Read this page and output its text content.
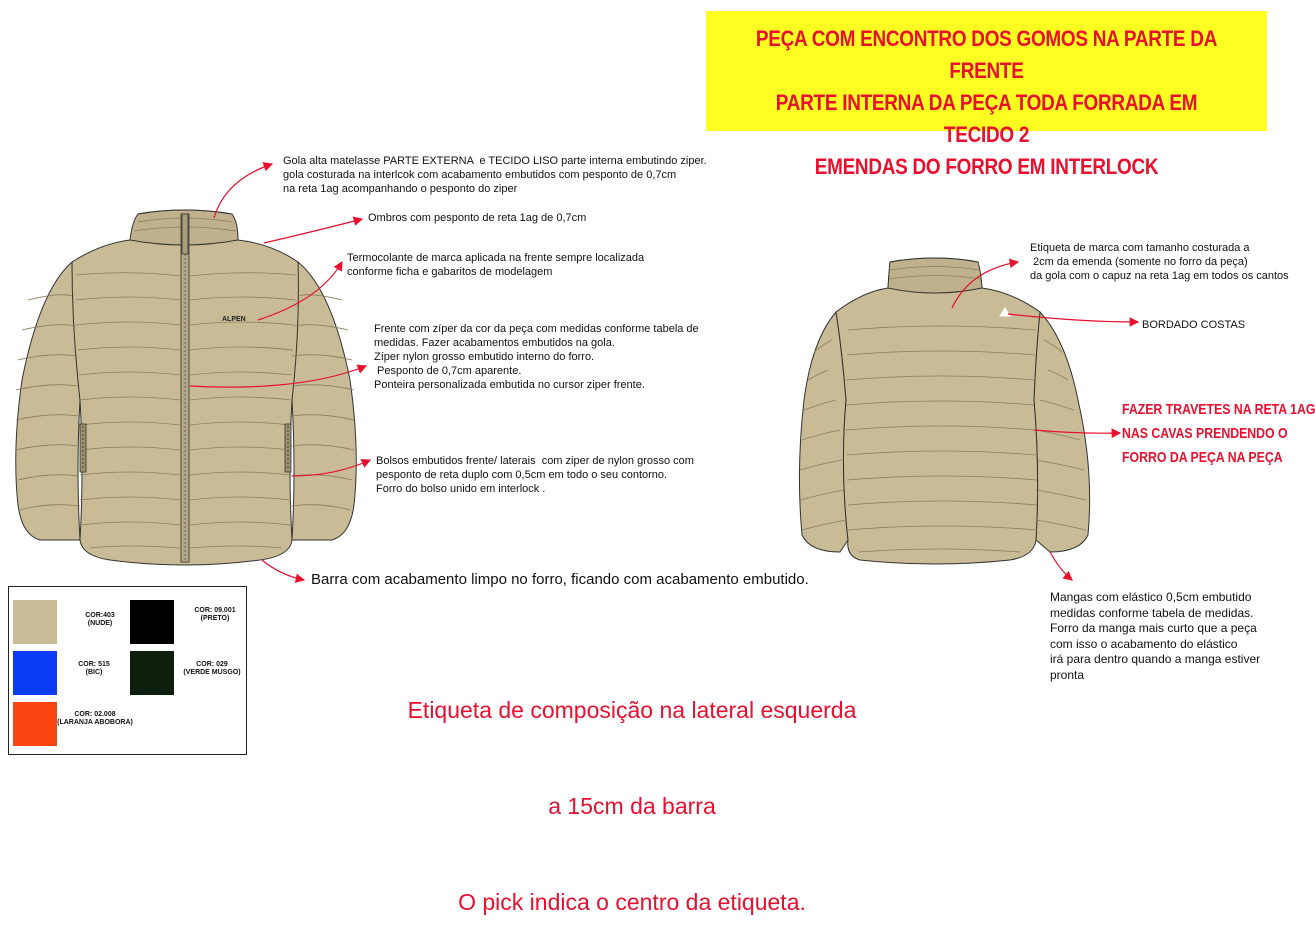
PEÇA COM ENCONTRO DOS GOMOS NA PARTE DA FRENTE
PARTE INTERNA DA PEÇA TODA FORRADA EM TECIDO 2
EMENDAS DO FORRO EM INTERLOCK
ALPEN
Gola alta matelasse PARTE EXTERNA  e TECIDO LISO parte interna embutindo ziper.
gola costurada na interlcok com acabamento embutidos com pesponto de 0,7cm
na reta 1ag acompanhando o pesponto do ziper
Ombros com pesponto de reta 1ag de 0,7cm
Termocolante de marca aplicada na frente sempre localizada
conforme ficha e gabaritos de modelagem
Frente com zíper da cor da peça com medidas conforme tabela de
medidas. Fazer acabamentos embutidos na gola.
Zíper nylon grosso embutido interno do forro.
Pesponto de 0,7cm aparente.
Ponteira personalizada embutida no cursor ziper frente.
Bolsos embutidos frente/ laterais  com ziper de nylon grosso com
pesponto de reta duplo com 0,5cm em todo o seu contorno.
Forro do bolso unido em interlock .
Barra com acabamento limpo no forro, ficando com acabamento embutido.
Etiqueta de marca com tamanho costurada a
2cm da emenda (somente no forro da peça)
da gola com o capuz na reta 1ag em todos os cantos
BORDADO COSTAS
FAZER TRAVETES NA RETA 1AG
NAS CAVAS PRENDENDO O
FORRO DA PEÇA NA PEÇA
Mangas com elástico 0,5cm embutido
medidas conforme tabela de medidas.
Forro da manga mais curto que a peça
com isso o acabamento do elástico
irá para dentro quando a manga estiver
pronta

Etiqueta de composição na lateral esquerda

a 15cm da barra

O pick indica o centro da etiqueta.

COR:403
(NUDE)
COR: 09.001
(PRETO)
COR: 515
(BIC)
COR: 029
(VERDE MUSGO)
COR: 02.008
(LARANJA ABOBORA)
